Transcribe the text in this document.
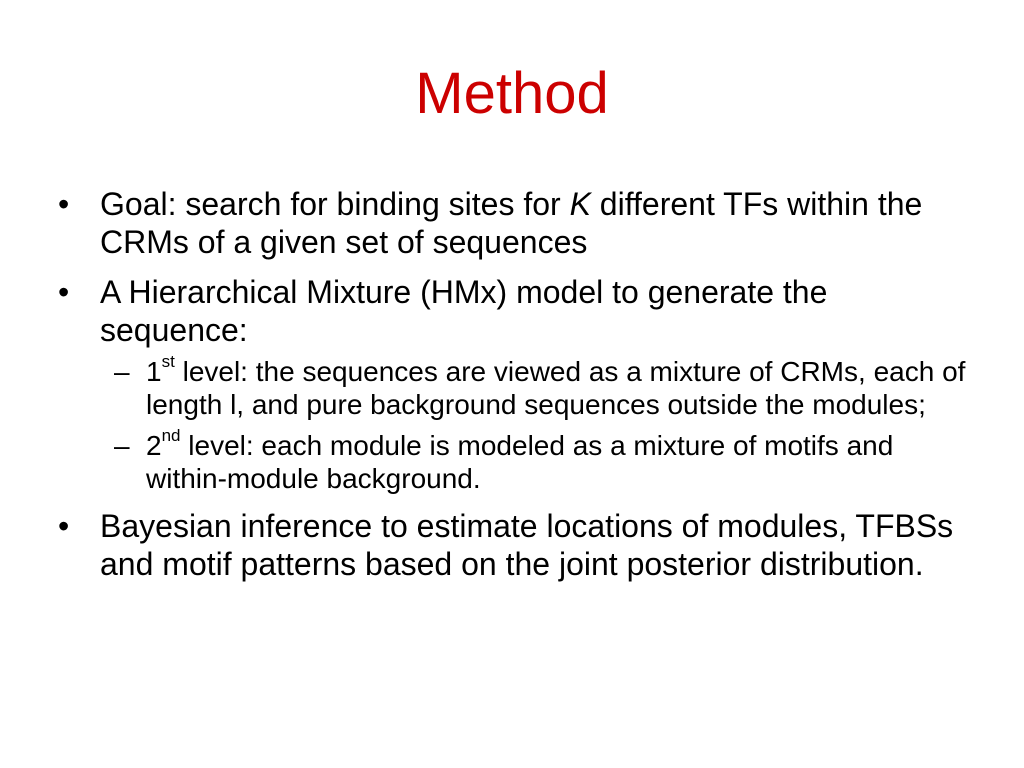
Method
• Goal: search for binding sites for K different TFs within the CRMs of a given set of sequences
• A Hierarchical Mixture (HMx) model to generate the sequence:
– 1st level: the sequences are viewed as a mixture of CRMs, each of length l, and pure background sequences outside the modules;
– 2nd level: each module is modeled as a mixture of motifs and within-module background.
• Bayesian inference to estimate locations of modules, TFBSs and motif patterns based on the joint posterior distribution.
